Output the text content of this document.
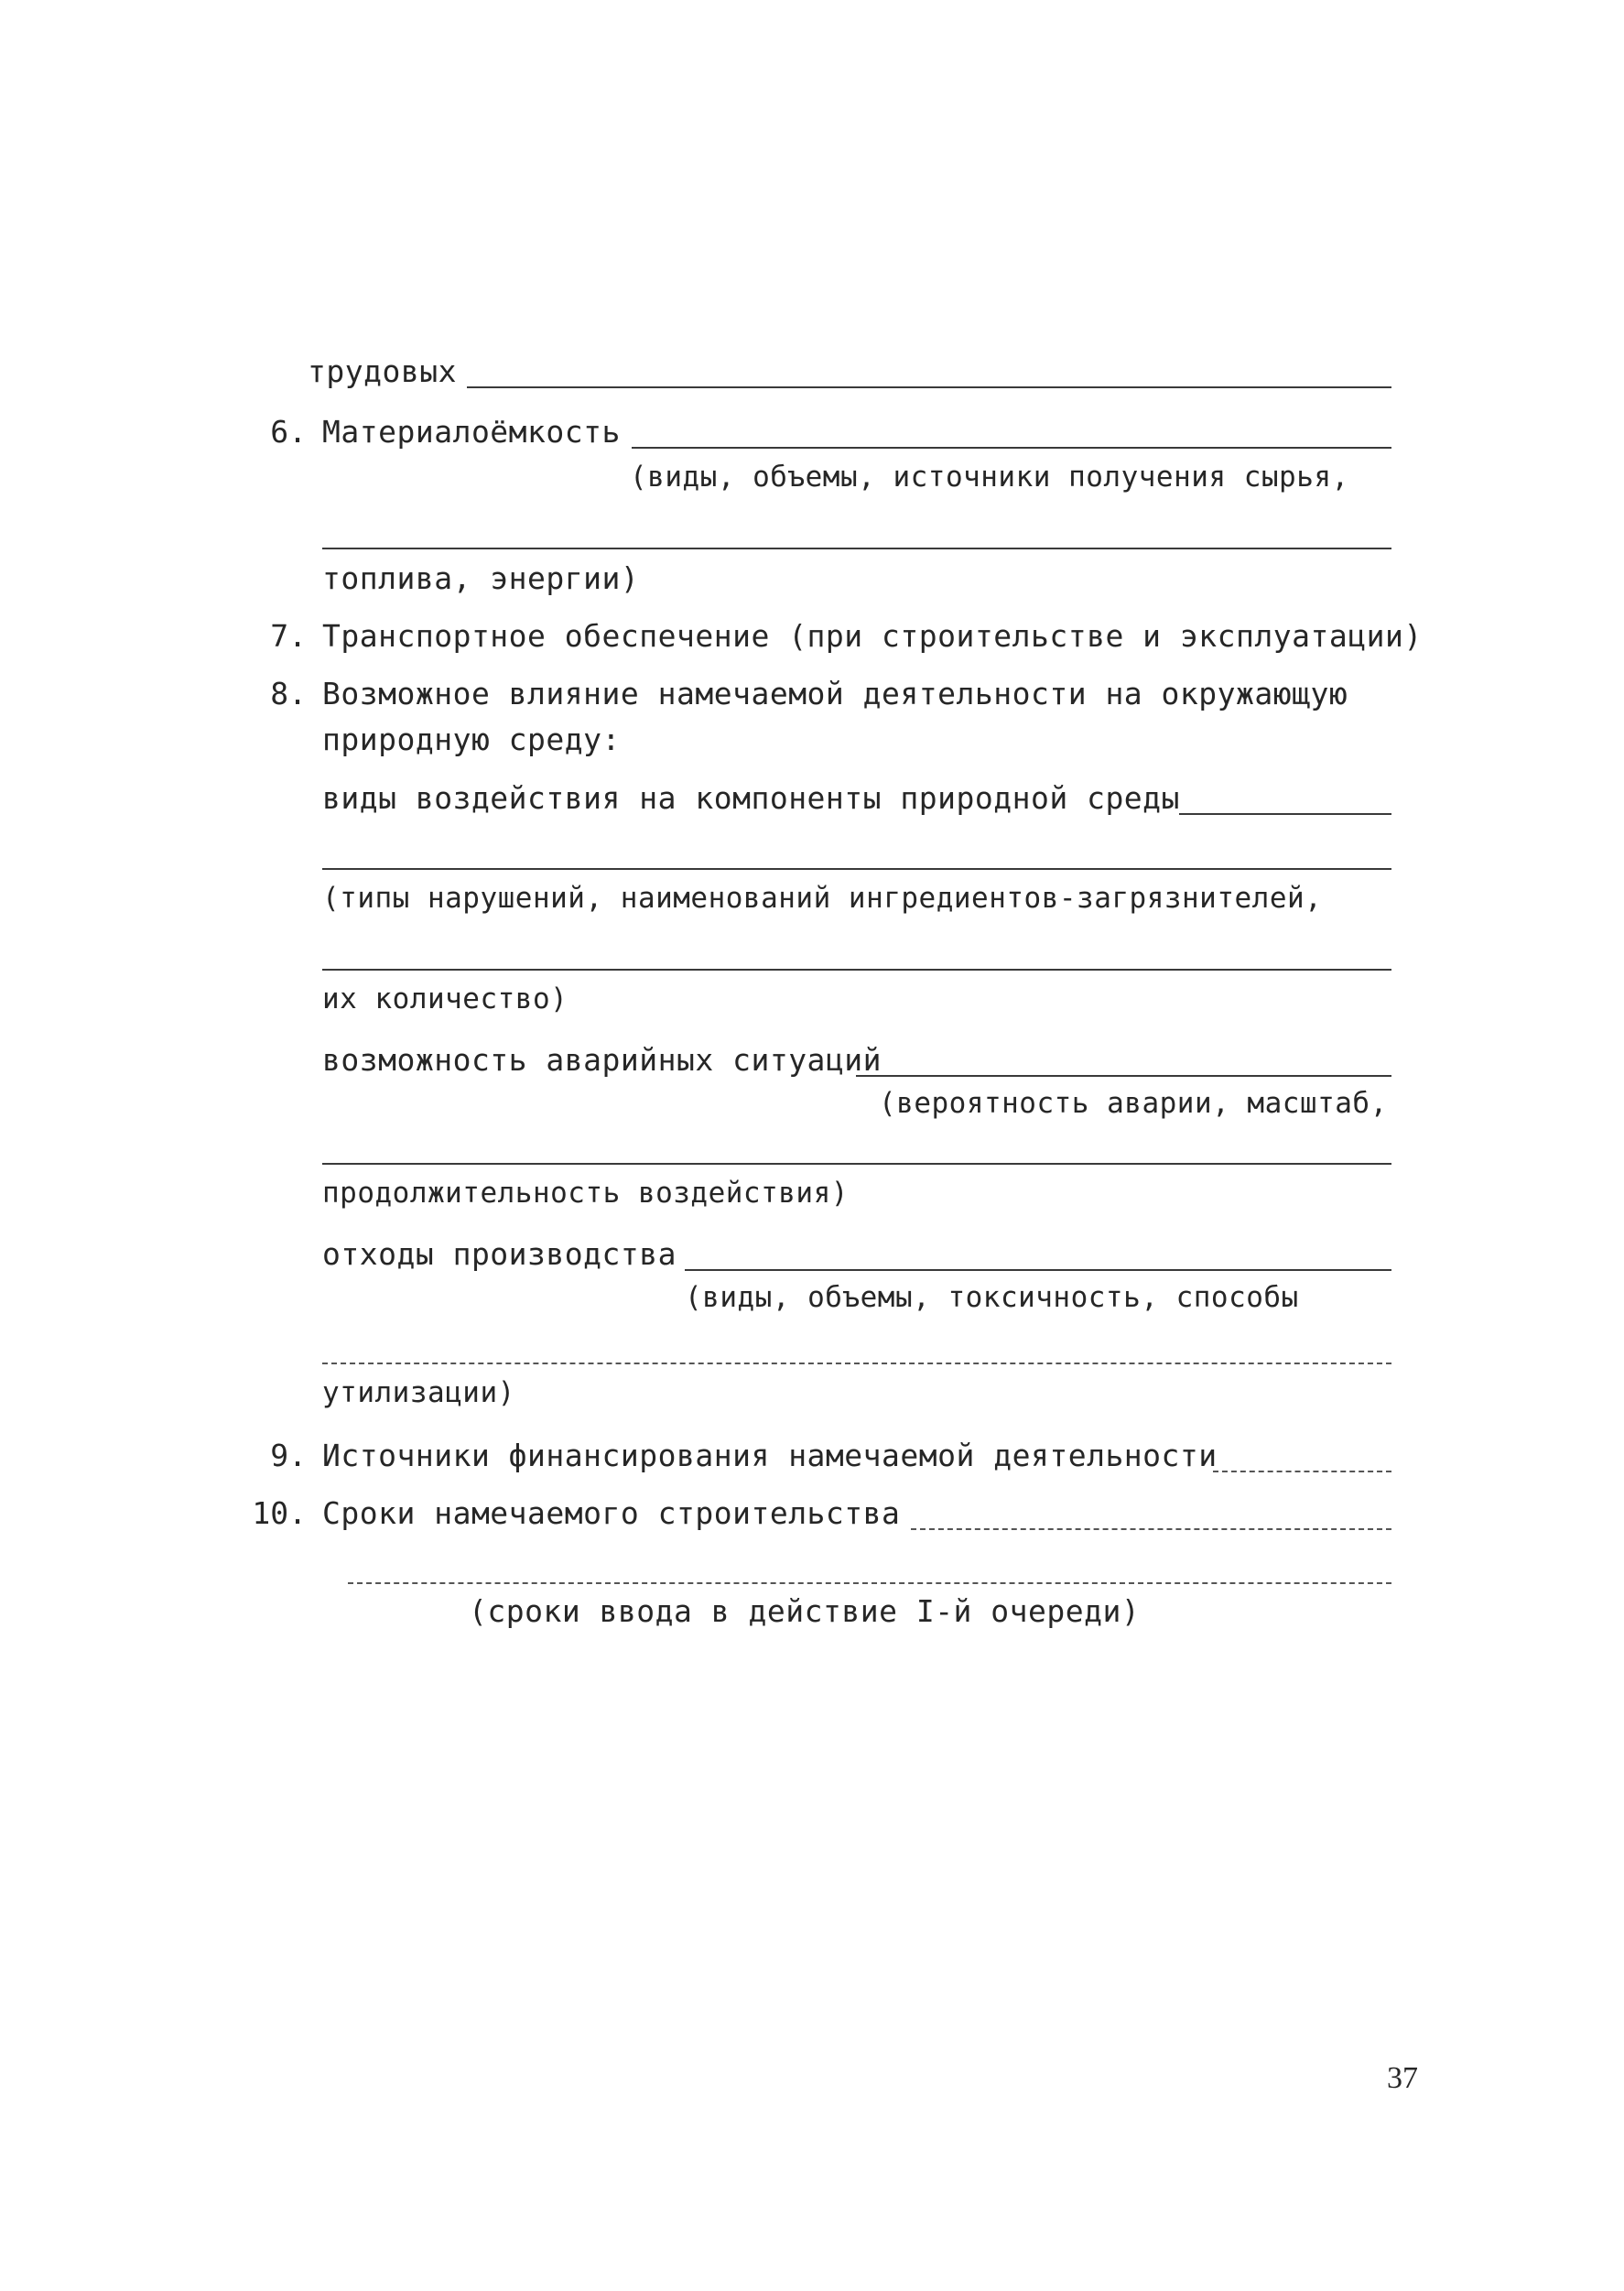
трудовых
6. Материалоёмкость
(виды, объемы, источники получения сырья,
топлива, энергии)
7. Транспортное обеспечение (при строительстве и эксплуатации)
8. Возможное влияние намечаемой деятельности на окружающую
природную среду:
виды воздействия на компоненты природной среды
(типы нарушений, наименований ингредиентов-загрязнителей,
их количество)
возможность аварийных ситуаций
(вероятность аварии, масштаб,
продолжительность воздействия)
отходы производства
(виды, объемы, токсичность, способы
утилизации)
9. Источники финансирования намечаемой деятельности
10. Сроки намечаемого строительства
(сроки ввода в действие I-й очереди)
37
